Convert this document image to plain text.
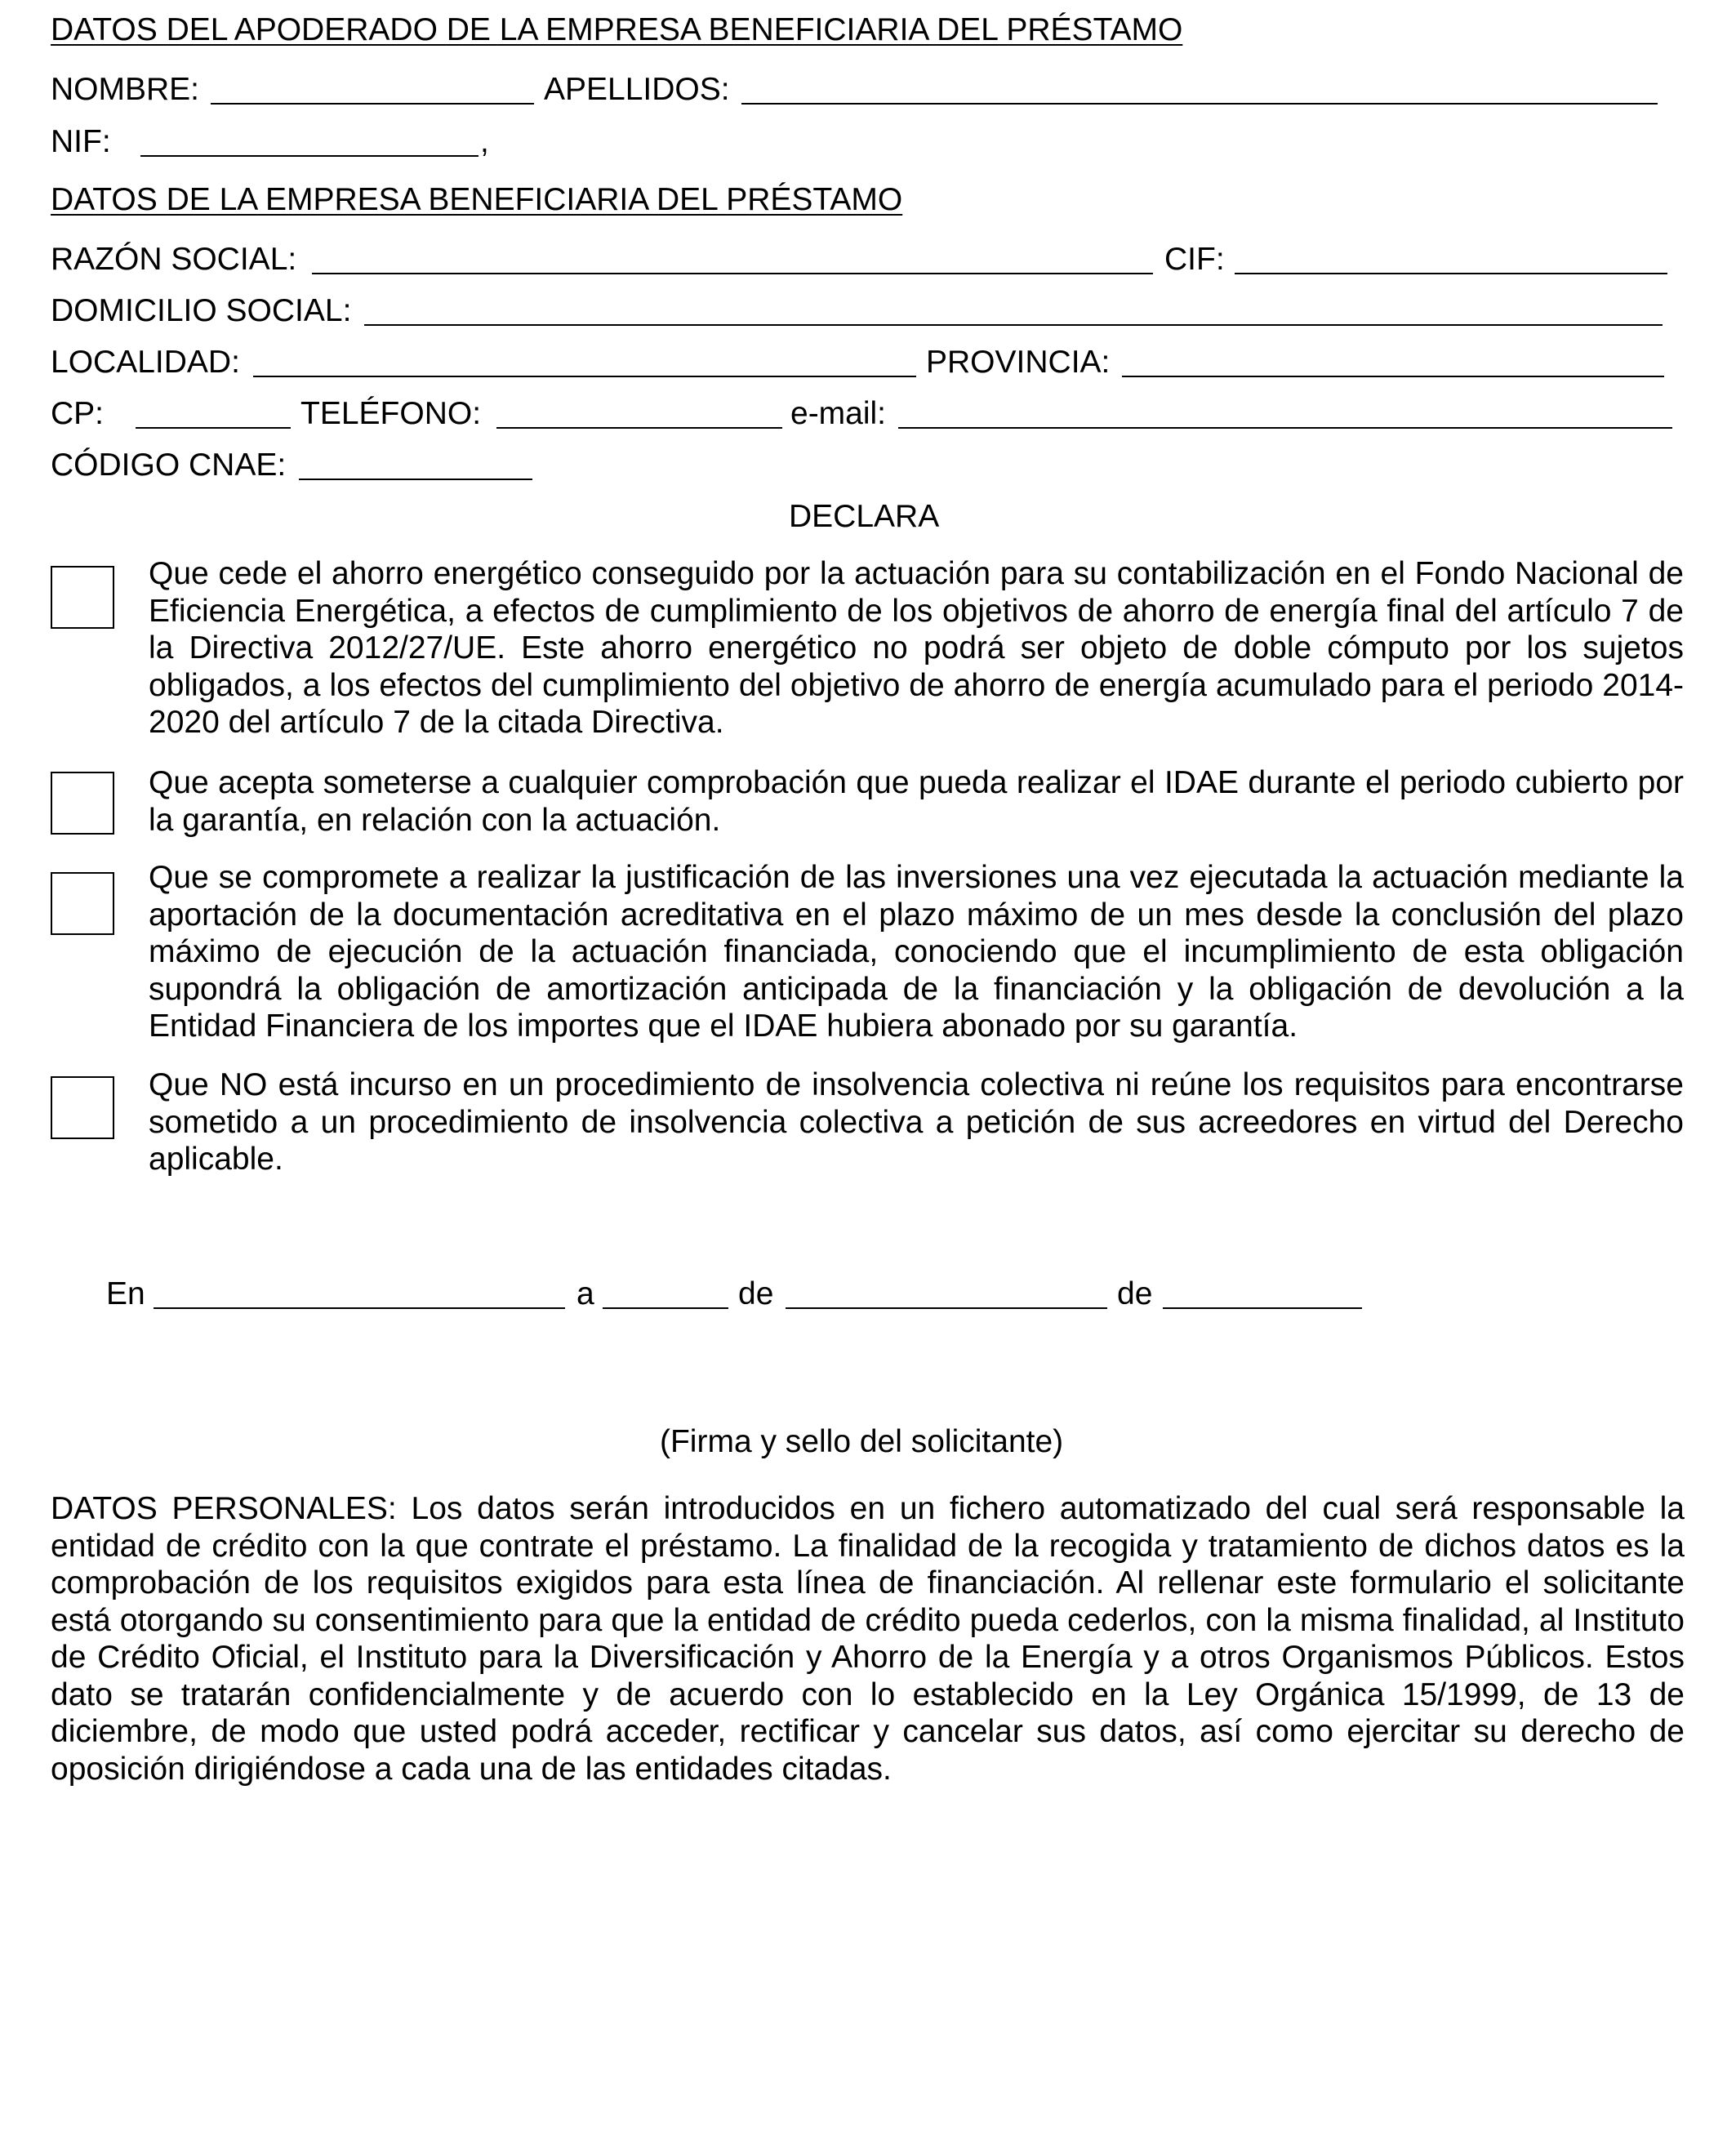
DATOS DEL APODERADO DE LA EMPRESA BENEFICIARIA DEL PRÉSTAMO
NOMBRE:	APELLIDOS:
NIF:	,
DATOS DE LA EMPRESA BENEFICIARIA DEL PRÉSTAMO
RAZÓN SOCIAL:	CIF:
DOMICILIO SOCIAL:
LOCALIDAD:	PROVINCIA:
CP:	TELÉFONO:	e-mail:
CÓDIGO CNAE:
DECLARA
Que cede el ahorro energético conseguido por la actuación para su contabilización en el Fondo Nacional de Eficiencia Energética, a efectos de cumplimiento de los objetivos de ahorro de energía final del artículo 7 de la Directiva 2012/27/UE. Este ahorro energético no podrá ser objeto de doble cómputo por los sujetos obligados, a los efectos del cumplimiento del objetivo de ahorro de energía acumulado para el periodo 2014-2020 del artículo 7 de la citada Directiva.
Que acepta someterse a cualquier comprobación que pueda realizar el IDAE durante el periodo cubierto por la garantía, en relación con la actuación.
Que se compromete a realizar la justificación de las inversiones una vez ejecutada la actuación mediante la aportación de la documentación acreditativa en el plazo máximo de un mes desde la conclusión del plazo máximo de ejecución de la actuación financiada, conociendo que el incumplimiento de esta obligación supondrá la obligación de amortización anticipada de la financiación y la obligación de devolución a la Entidad Financiera de los importes que el IDAE hubiera abonado por su garantía.
Que NO está incurso en un procedimiento de insolvencia colectiva ni reúne los requisitos para encontrarse sometido a un procedimiento de insolvencia colectiva a petición de sus acreedores en virtud del Derecho aplicable.
En	a	de	de
(Firma y sello del solicitante)
DATOS PERSONALES: Los datos serán introducidos en un fichero automatizado del cual será responsable la entidad de crédito con la que contrate el préstamo. La finalidad de la recogida y tratamiento de dichos datos es la comprobación de los requisitos exigidos para esta línea de financiación. Al rellenar este formulario el solicitante está otorgando su consentimiento para que la entidad de crédito pueda cederlos, con la misma finalidad, al Instituto de Crédito Oficial, el Instituto para la Diversificación y Ahorro de la Energía y a otros Organismos Públicos. Estos dato se tratarán confidencialmente y de acuerdo con lo establecido en la Ley Orgánica 15/1999, de 13 de diciembre, de modo que usted podrá acceder, rectificar y cancelar sus datos, así como ejercitar su derecho de oposición dirigiéndose a cada una de las entidades citadas.
